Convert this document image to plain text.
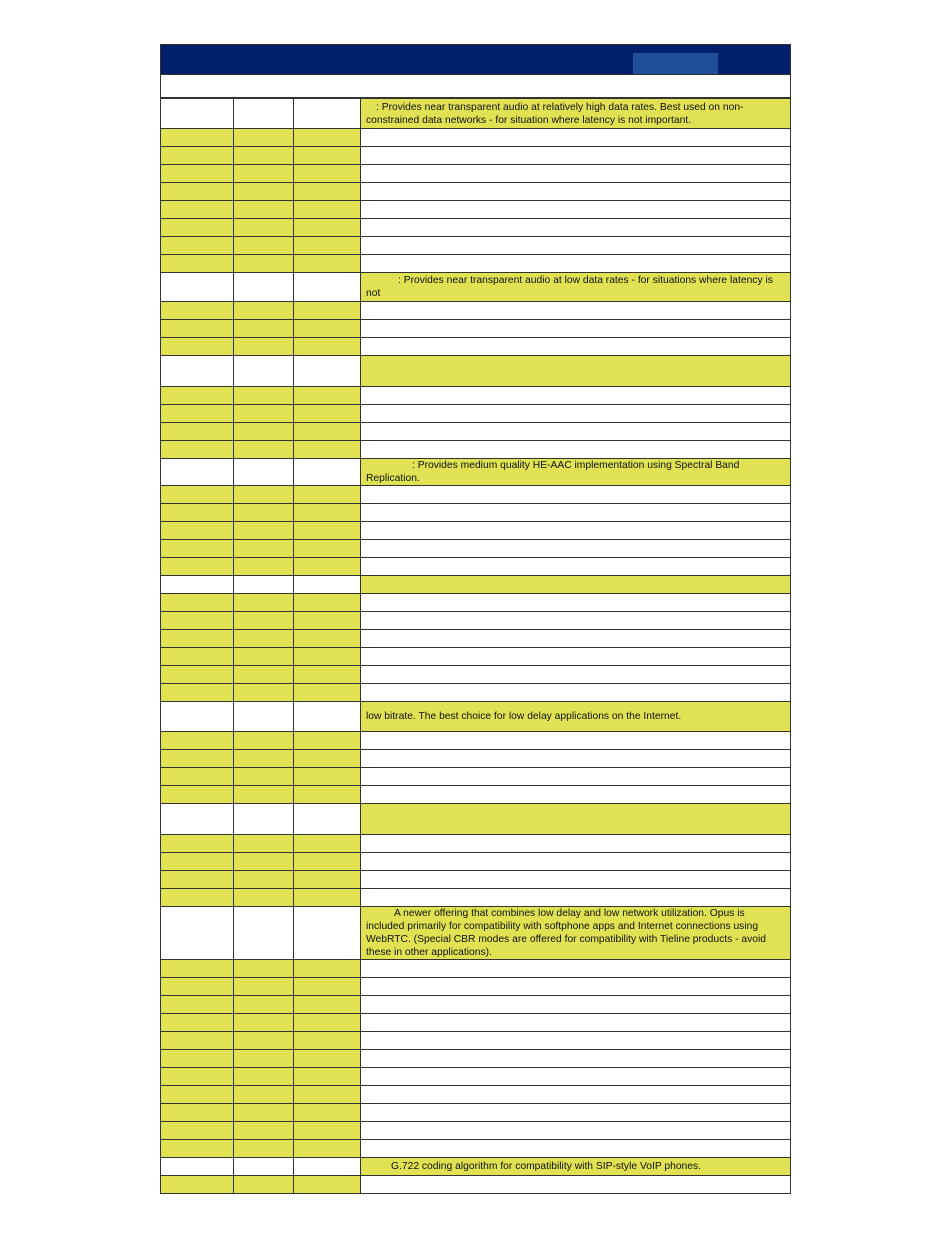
			: Provides near transparent audio at relatively high data rates. Best used on non-constrained data networks - for situation where latency is not important.

			: Provides near transparent audio at low data rates - for situations where latency is not

			: Provides medium quality HE-AAC implementation using Spectral Band Replication.

			low bitrate. The best choice for low delay applications on the Internet.

			A newer offering that combines low delay and low network utilization. Opus is included primarily for compatibility with softphone apps and Internet connections using WebRTC. (Special CBR modes are offered for compatibility with Tieline products - avoid these in other applications).

			G.722 coding algorithm for compatibility with SIP-style VoIP phones.
